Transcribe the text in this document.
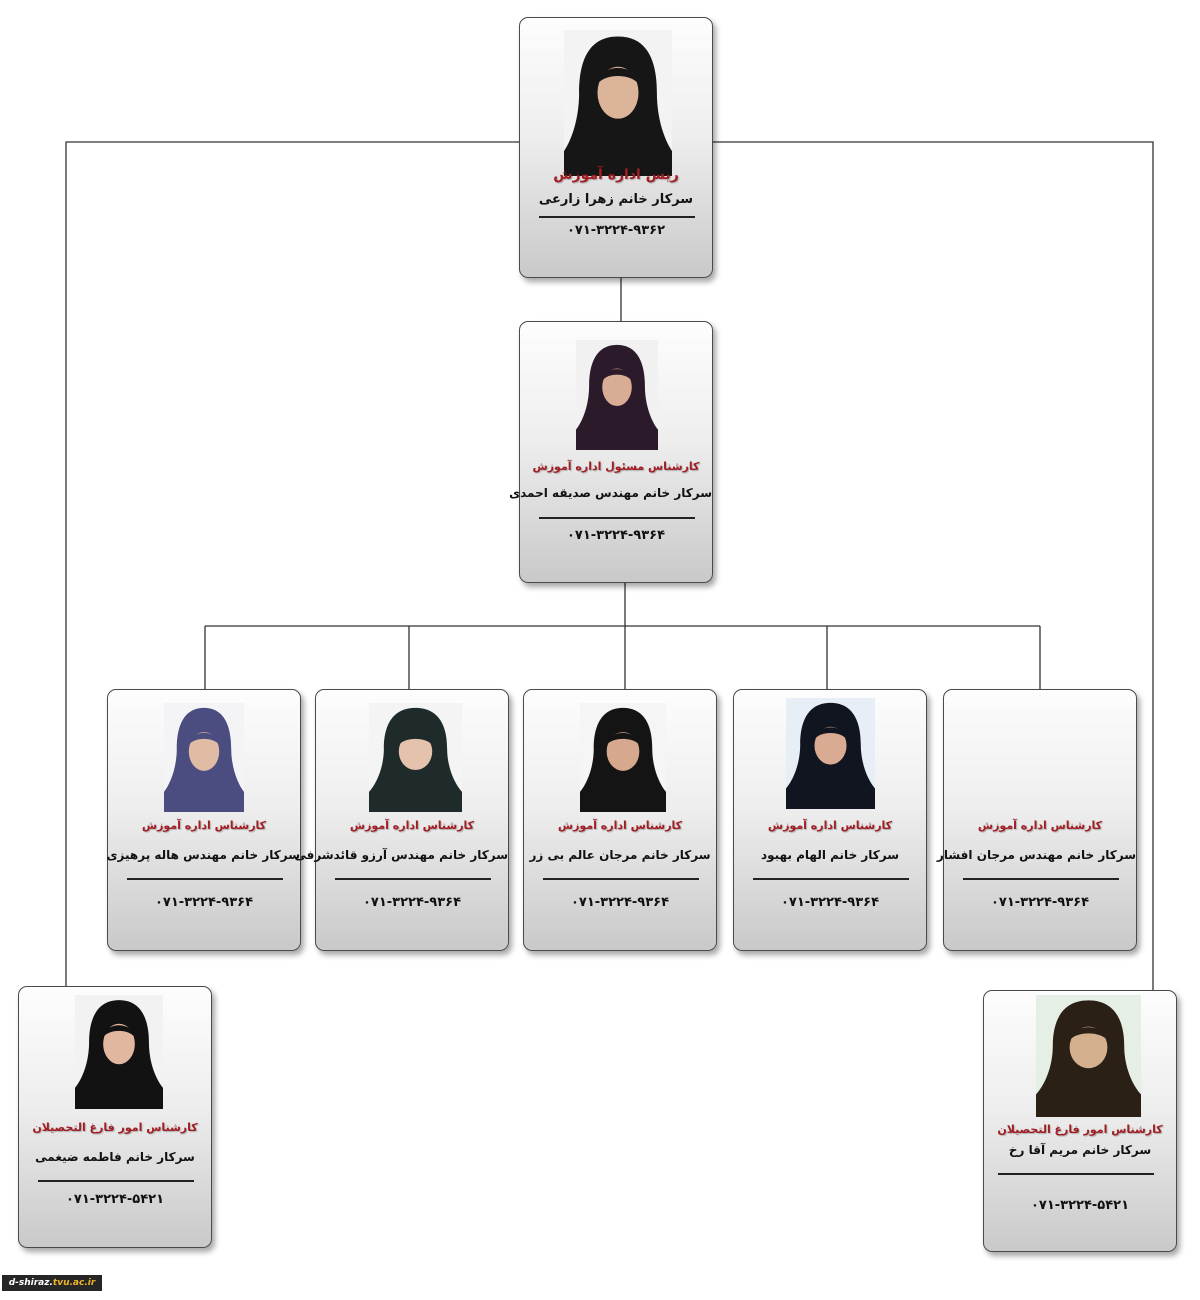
ریس اداره آموزش
سرکار خانم زهرا زارعی
۰۷۱-۳۲۲۴-۹۳۶۲
کارشناس مسئول اداره آموزش
سرکار خانم مهندس صدیقه احمدی
۰۷۱-۳۲۲۴-۹۳۶۴
کارشناس اداره آموزش
سرکار خانم مهندس هاله پرهیزی
۰۷۱-۳۲۲۴-۹۳۶۴
کارشناس اداره آموزش
سرکار خانم مهندس آرزو قائدشرفی
۰۷۱-۳۲۲۴-۹۳۶۴
کارشناس اداره آموزش
سرکار خانم مرجان عالم بی زر
۰۷۱-۳۲۲۴-۹۳۶۴
کارشناس اداره آموزش
سرکار خانم الهام بهبود
۰۷۱-۳۲۲۴-۹۳۶۴
کارشناس اداره آموزش
سرکار خانم مهندس مرجان افشار
۰۷۱-۳۲۲۴-۹۳۶۴
کارشناس امور فارغ التحصیلان
سرکار خانم فاطمه ضیغمی
۰۷۱-۳۲۲۴-۵۴۲۱
کارشناس امور فارغ التحصیلان
سرکار خانم مریم آقا رخ
۰۷۱-۳۲۲۴-۵۴۲۱
d-shiraz.tvu.ac.ir
